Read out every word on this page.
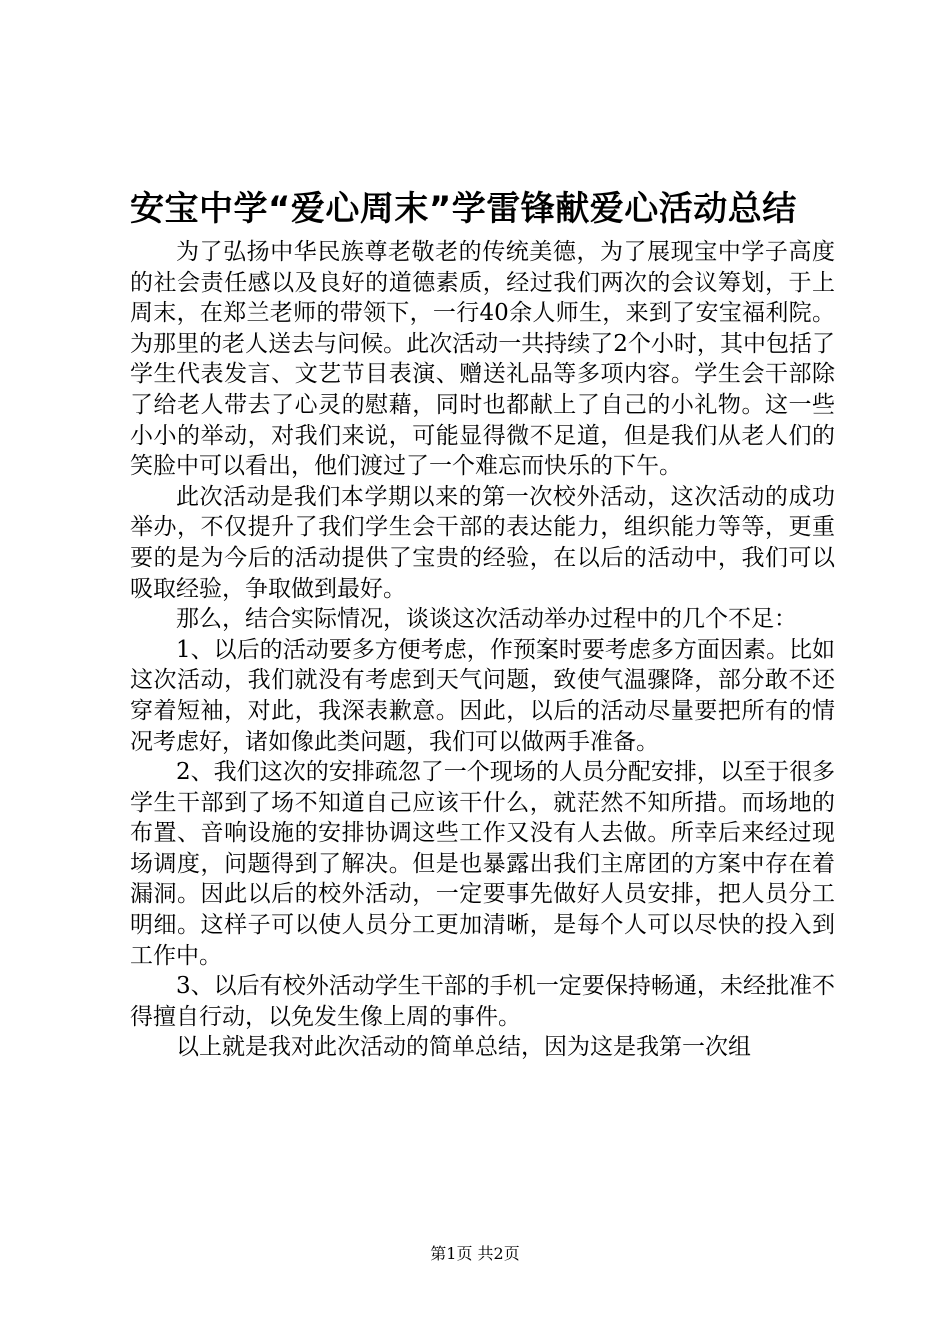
安宝中学“爱心周末”学雷锋献爱心活动总结

为了弘扬中华民族尊老敬老的传统美德，为了展现宝中学子高度的社会责任感以及良好的道德素质，经过我们两次的会议筹划，于上周末，在郑兰老师的带领下，一行40余人师生，来到了安宝福利院。为那里的老人送去与问候。此次活动一共持续了2个小时，其中包括了学生代表发言、文艺节目表演、赠送礼品等多项内容。学生会干部除了给老人带去了心灵的慰藉，同时也都献上了自己的小礼物。这一些小小的举动，对我们来说，可能显得微不足道，但是我们从老人们的笑脸中可以看出，他们渡过了一个难忘而快乐的下午。

此次活动是我们本学期以来的第一次校外活动，这次活动的成功举办，不仅提升了我们学生会干部的表达能力，组织能力等等，更重要的是为今后的活动提供了宝贵的经验，在以后的活动中，我们可以吸取经验，争取做到最好。

那么，结合实际情况，谈谈这次活动举办过程中的几个不足：

1、以后的活动要多方便考虑，作预案时要考虑多方面因素。比如这次活动，我们就没有考虑到天气问题，致使气温骤降，部分敢不还穿着短袖，对此，我深表歉意。因此，以后的活动尽量要把所有的情况考虑好，诸如像此类问题，我们可以做两手准备。

2、我们这次的安排疏忽了一个现场的人员分配安排，以至于很多学生干部到了场不知道自己应该干什么，就茫然不知所措。而场地的布置、音响设施的安排协调这些工作又没有人去做。所幸后来经过现场调度，问题得到了解决。但是也暴露出我们主席团的方案中存在着漏洞。因此以后的校外活动，一定要事先做好人员安排，把人员分工明细。这样子可以使人员分工更加清晰，是每个人可以尽快的投入到工作中。

3、以后有校外活动学生干部的手机一定要保持畅通，未经批准不得擅自行动，以免发生像上周的事件。

以上就是我对此次活动的简单总结，因为这是我第一次组

第1页 共2页
